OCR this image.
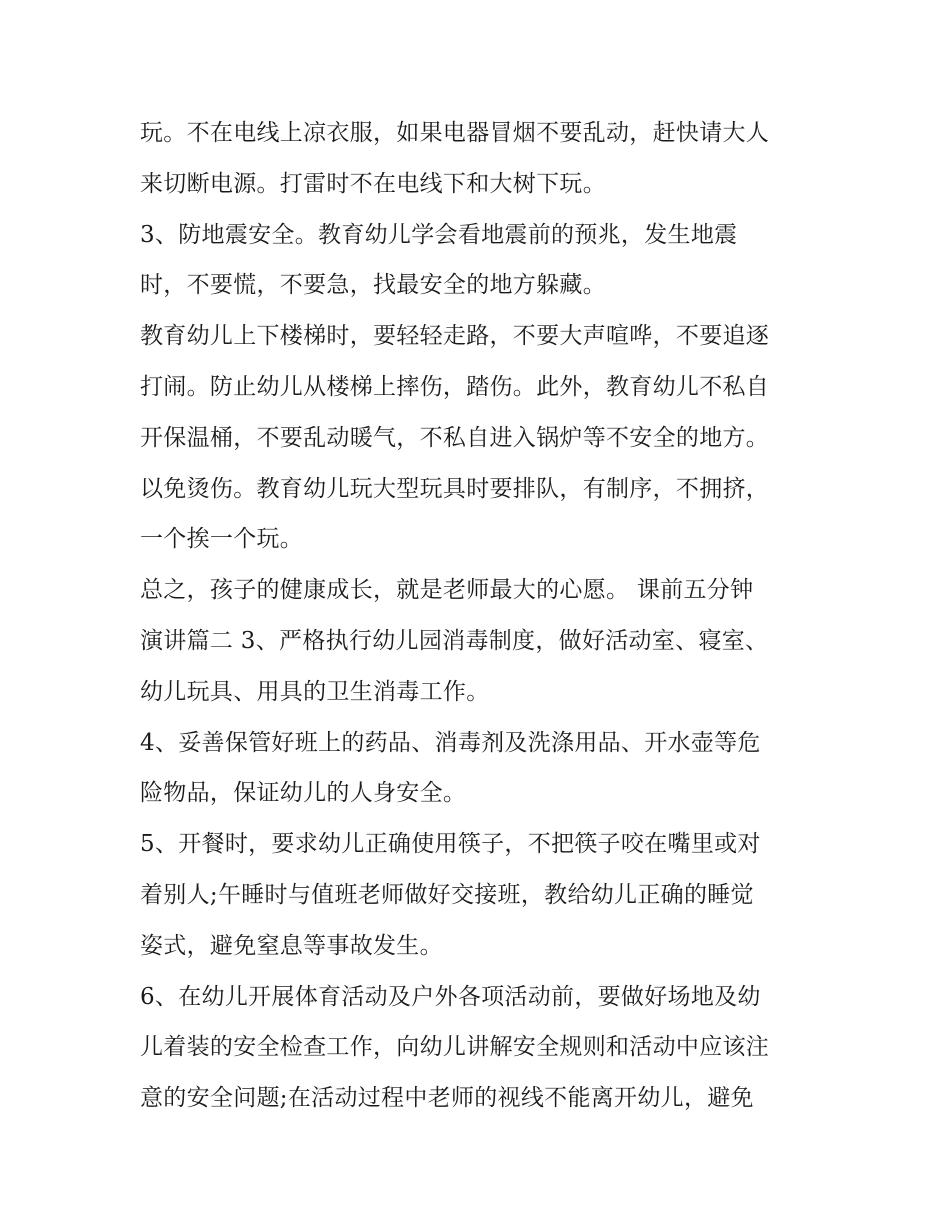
玩。不在电线上凉衣服，如果电器冒烟不要乱动，赶快请大人
来切断电源。打雷时不在电线下和大树下玩。
3、防地震安全。教育幼儿学会看地震前的预兆，发生地震
时，不要慌，不要急，找最安全的地方躲藏。
教育幼儿上下楼梯时，要轻轻走路，不要大声喧哗，不要追逐
打闹。防止幼儿从楼梯上摔伤，踏伤。此外，教育幼儿不私自
开保温桶，不要乱动暖气，不私自进入锅炉等不安全的地方。
以免烫伤。教育幼儿玩大型玩具时要排队，有制序，不拥挤，
一个挨一个玩。
总之，孩子的健康成长，就是老师最大的心愿。 课前五分钟
演讲篇二 3、严格执行幼儿园消毒制度，做好活动室、寝室、
幼儿玩具、用具的卫生消毒工作。
4、妥善保管好班上的药品、消毒剂及洗涤用品、开水壶等危
险物品，保证幼儿的人身安全。
5、开餐时，要求幼儿正确使用筷子，不把筷子咬在嘴里或对
着别人;午睡时与值班老师做好交接班，教给幼儿正确的睡觉
姿式，避免窒息等事故发生。
6、在幼儿开展体育活动及户外各项活动前，要做好场地及幼
儿着装的安全检查工作，向幼儿讲解安全规则和活动中应该注
意的安全问题;在活动过程中老师的视线不能离开幼儿，避免
